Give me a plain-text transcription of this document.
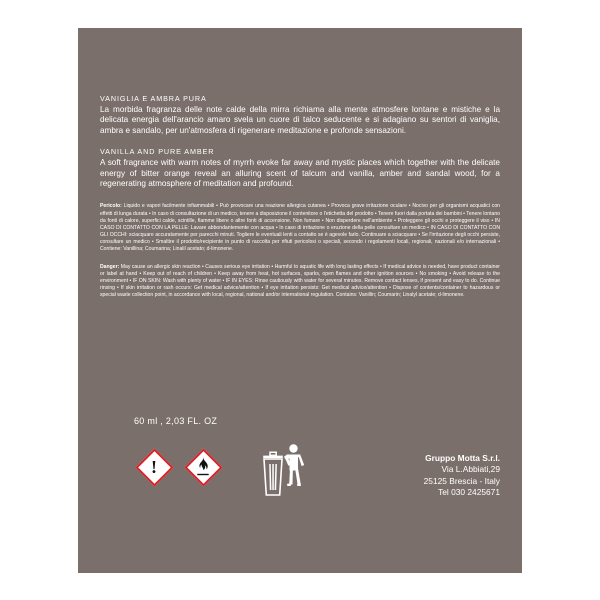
VANIGLIA E AMBRA PURA

La morbida fragranza delle note calde della mirra richiama alla mente atmosfere lontane e mistiche e la delicata energia dell'arancio amaro svela un cuore di talco seducente e si adagiano su sentori di vaniglia, ambra e sandalo, per un'atmosfera di rigenerare meditazione e profonde sensazioni.

VANILLA AND PURE AMBER

A soft fragrance with warm notes of myrrh evoke far away and mystic places which together with the delicate energy of bitter orange reveal an alluring scent of talcum and vanilla, amber and sandal wood, for a regenerating atmosphere of meditation and profound.

Pericolo: Liquido e vapori facilmente infiammabili • Può provocare una reazione allergica cutanea • Provoca grave irritazione oculare • Nocivo per gli organismi acquatici con effetti di lunga durata • In caso di consultazione di un medico, tenere a disposizione il contenitore o l'etichetta del prodotto • Tenere fuori dalla portata dei bambini • Tenere lontano da fonti di calore, superfici calde, scintille, fiamme libere o altre fonti di accensione. Non fumare • Non disperdere nell'ambiente • Proteggere gli occhi e proteggere il viso • IN CASO DI CONTATTO CON LA PELLE: Lavare abbondantemente con acqua • In caso di irritazione o eruzione della pelle consultare un medico • IN CASO DI CONTATTO CON GLI OCCHI: sciacquare accuratamente per parecchi minuti. Togliere le eventuali lenti a contatto se è agevole farlo. Continuare a sciacquare • Se l'irritazione degli occhi persiste, consultare un medico • Smaltire il prodotto/recipiente in punto di raccolta per rifiuti pericolosi o speciali, secondo i regolamenti locali, regionali, nazionali e/o internazionali • Contiene: Vanillina; Coumarina; Linalil acetato; d-limonene.

Danger: May cause an allergic skin reaction • Causes serious eye irritation • Harmful to aquatic life with long lasting effects • If medical advice is needed, have product container or label at hand • Keep out of reach of children • Keep away from heat, hot surfaces, sparks, open flames and other ignition sources • No smoking • Avoid release to the environment • IF ON SKIN: Wash with plenty of water • IF IN EYES: Rinse cautiously with water for several minutes. Remove contact lenses, if present and easy to do. Continue rinsing • If skin irritation or rash occurs: Get medical advice/attention • If eye irritation persists: Get medical advice/attention • Dispose of contents/container to hazardous or special waste collection point, in accordance with local, regional, national and/or international regulation. Contains: Vanillin; Coumarin; Linalyl acetate; d-limonene.

60 ml , 2,03 FL. OZ
!	Gruppo Motta S.r.l.
Via L.Abbiati,29
25125 Brescia - Italy
Tel 030 2425671
